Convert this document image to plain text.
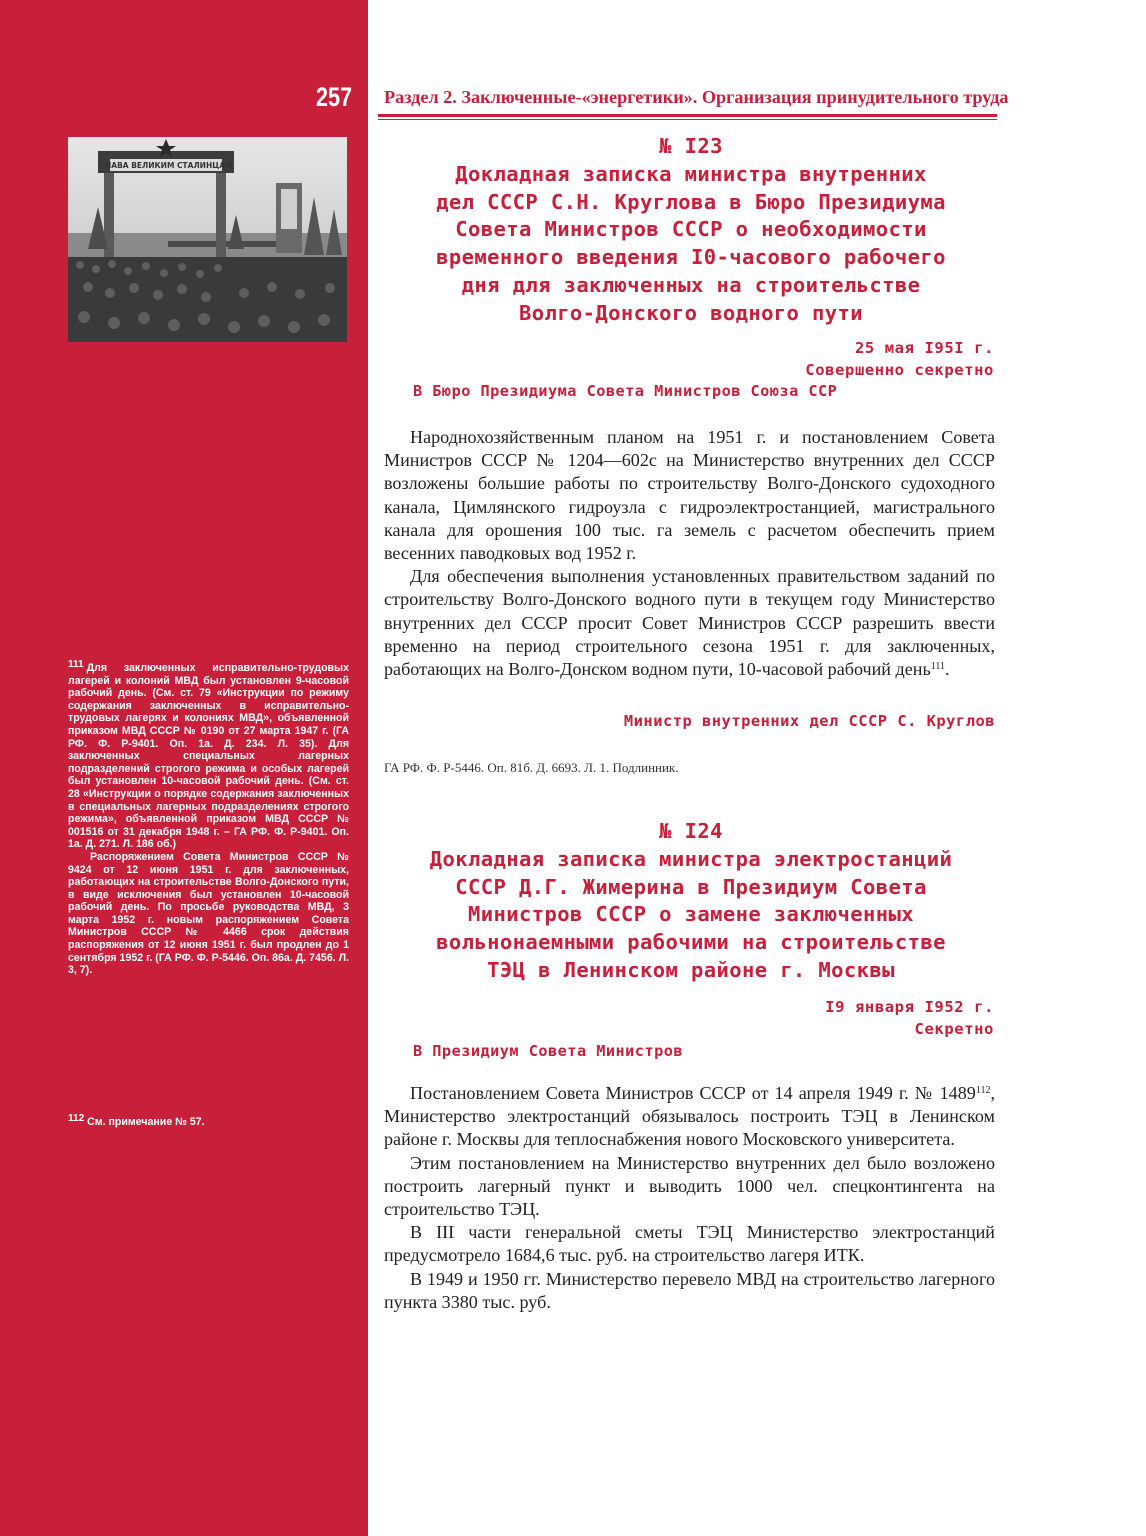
257
СЛАВА ВЕЛИКИМ СТАЛИНЦАМ

$^{111}$ Для заключенных исправительно-трудовых лагерей и колоний МВД был установлен 9-часовой рабочий день. (См. ст. 79 «Инструкции по режиму содержания заключенных в исправительно-трудовых лагерях и колониях МВД», объявленной приказом МВД СССР № 0190 от 27 марта 1947 г. (ГА РФ. Ф. Р-9401. Оп. 1а. Д. 234. Л. 35). Для заключенных специальных лагерных подразделений строгого режима и особых лагерей был установлен 10-часовой рабочий день. (См. ст. 28 «Инструкции о порядке содержания заключенных в специальных лагерных подразделениях строгого режима», объявленной приказом МВД СССР № 001516 от 31 декабря 1948 г. – ГА РФ. Ф. Р-9401. Оп. 1а. Д. 271. Л. 186 об.)

Распоряжением Совета Министров СССР № 9424 от 12 июня 1951 г. для заключенных, работающих на строительстве Волго-Донского пути, в виде исключения был установлен 10-часовой рабочий день. По просьбе руководства МВД, 3 марта 1952 г. новым распоряжением Совета Министров СССР № 4466 срок действия распоряжения от 12 июня 1951 г. был продлен до 1 сентября 1952 г. (ГА РФ. Ф. Р-5446. Оп. 86а. Д. 7456. Л. 3, 7).

$^{112}$ См. примечание № 57.

Раздел 2. Заключенные-«энергетики». Организация принудительного труда
№ I23
Докладная записка министра внутренних
дел СССР С.Н. Круглова в Бюро Президиума
Совета Министров СССР о необходимости
временного введения I0-часового рабочего
дня для заключенных на строительстве
Волго-Донского водного пути
25 мая I95I г.
Совершенно секретно
В Бюро Президиума Совета Министров Союза ССР

Народнохозяйственным планом на 1951 г. и постановлением Совета Министров СССР № 1204—602с на Министерство внутренних дел СССР возложены большие работы по строительству Волго-Донского судоходного канала, Цимлянского гидроузла с гидроэлектростанцией, магистрального канала для орошения 100 тыс. га земель с расчетом обеспечить прием весенних паводковых вод 1952 г.

Для обеспечения выполнения установленных правительством заданий по строительству Волго-Донского водного пути в текущем году Министерство внутренних дел СССР просит Совет Министров СССР разрешить ввести временно на период строительного сезона 1951 г. для заключенных, работающих на Волго-Донском водном пути, 10-часовой рабочий день$^{111}$.

Министр внутренних дел СССР С. Круглов
ГА РФ. Ф. Р-5446. Оп. 81б. Д. 6693. Л. 1. Подлинник.
№ I24
Докладная записка министра электростанций
СССР Д.Г. Жимерина в Президиум Совета
Министров СССР о замене заключенных
вольнонаемными рабочими на строительстве
ТЭЦ в Ленинском районе г. Москвы
I9 января I952 г.
Секретно
В Президиум Совета Министров

Постановлением Совета Министров СССР от 14 апреля 1949 г. № 1489$^{112}$, Министерство электростанций обязывалось построить ТЭЦ в Ленинском районе г. Москвы для теплоснабжения нового Московского университета.

Этим постановлением на Министерство внутренних дел было возложено построить лагерный пункт и выводить 1000 чел. спецконтингента на строительство ТЭЦ.

В III части генеральной сметы ТЭЦ Министерство электростанций предусмотрело 1684,6 тыс. руб. на строительство лагеря ИТК.

В 1949 и 1950 гг. Министерство перевело МВД на строительство лагерного пункта 3380 тыс. руб.
